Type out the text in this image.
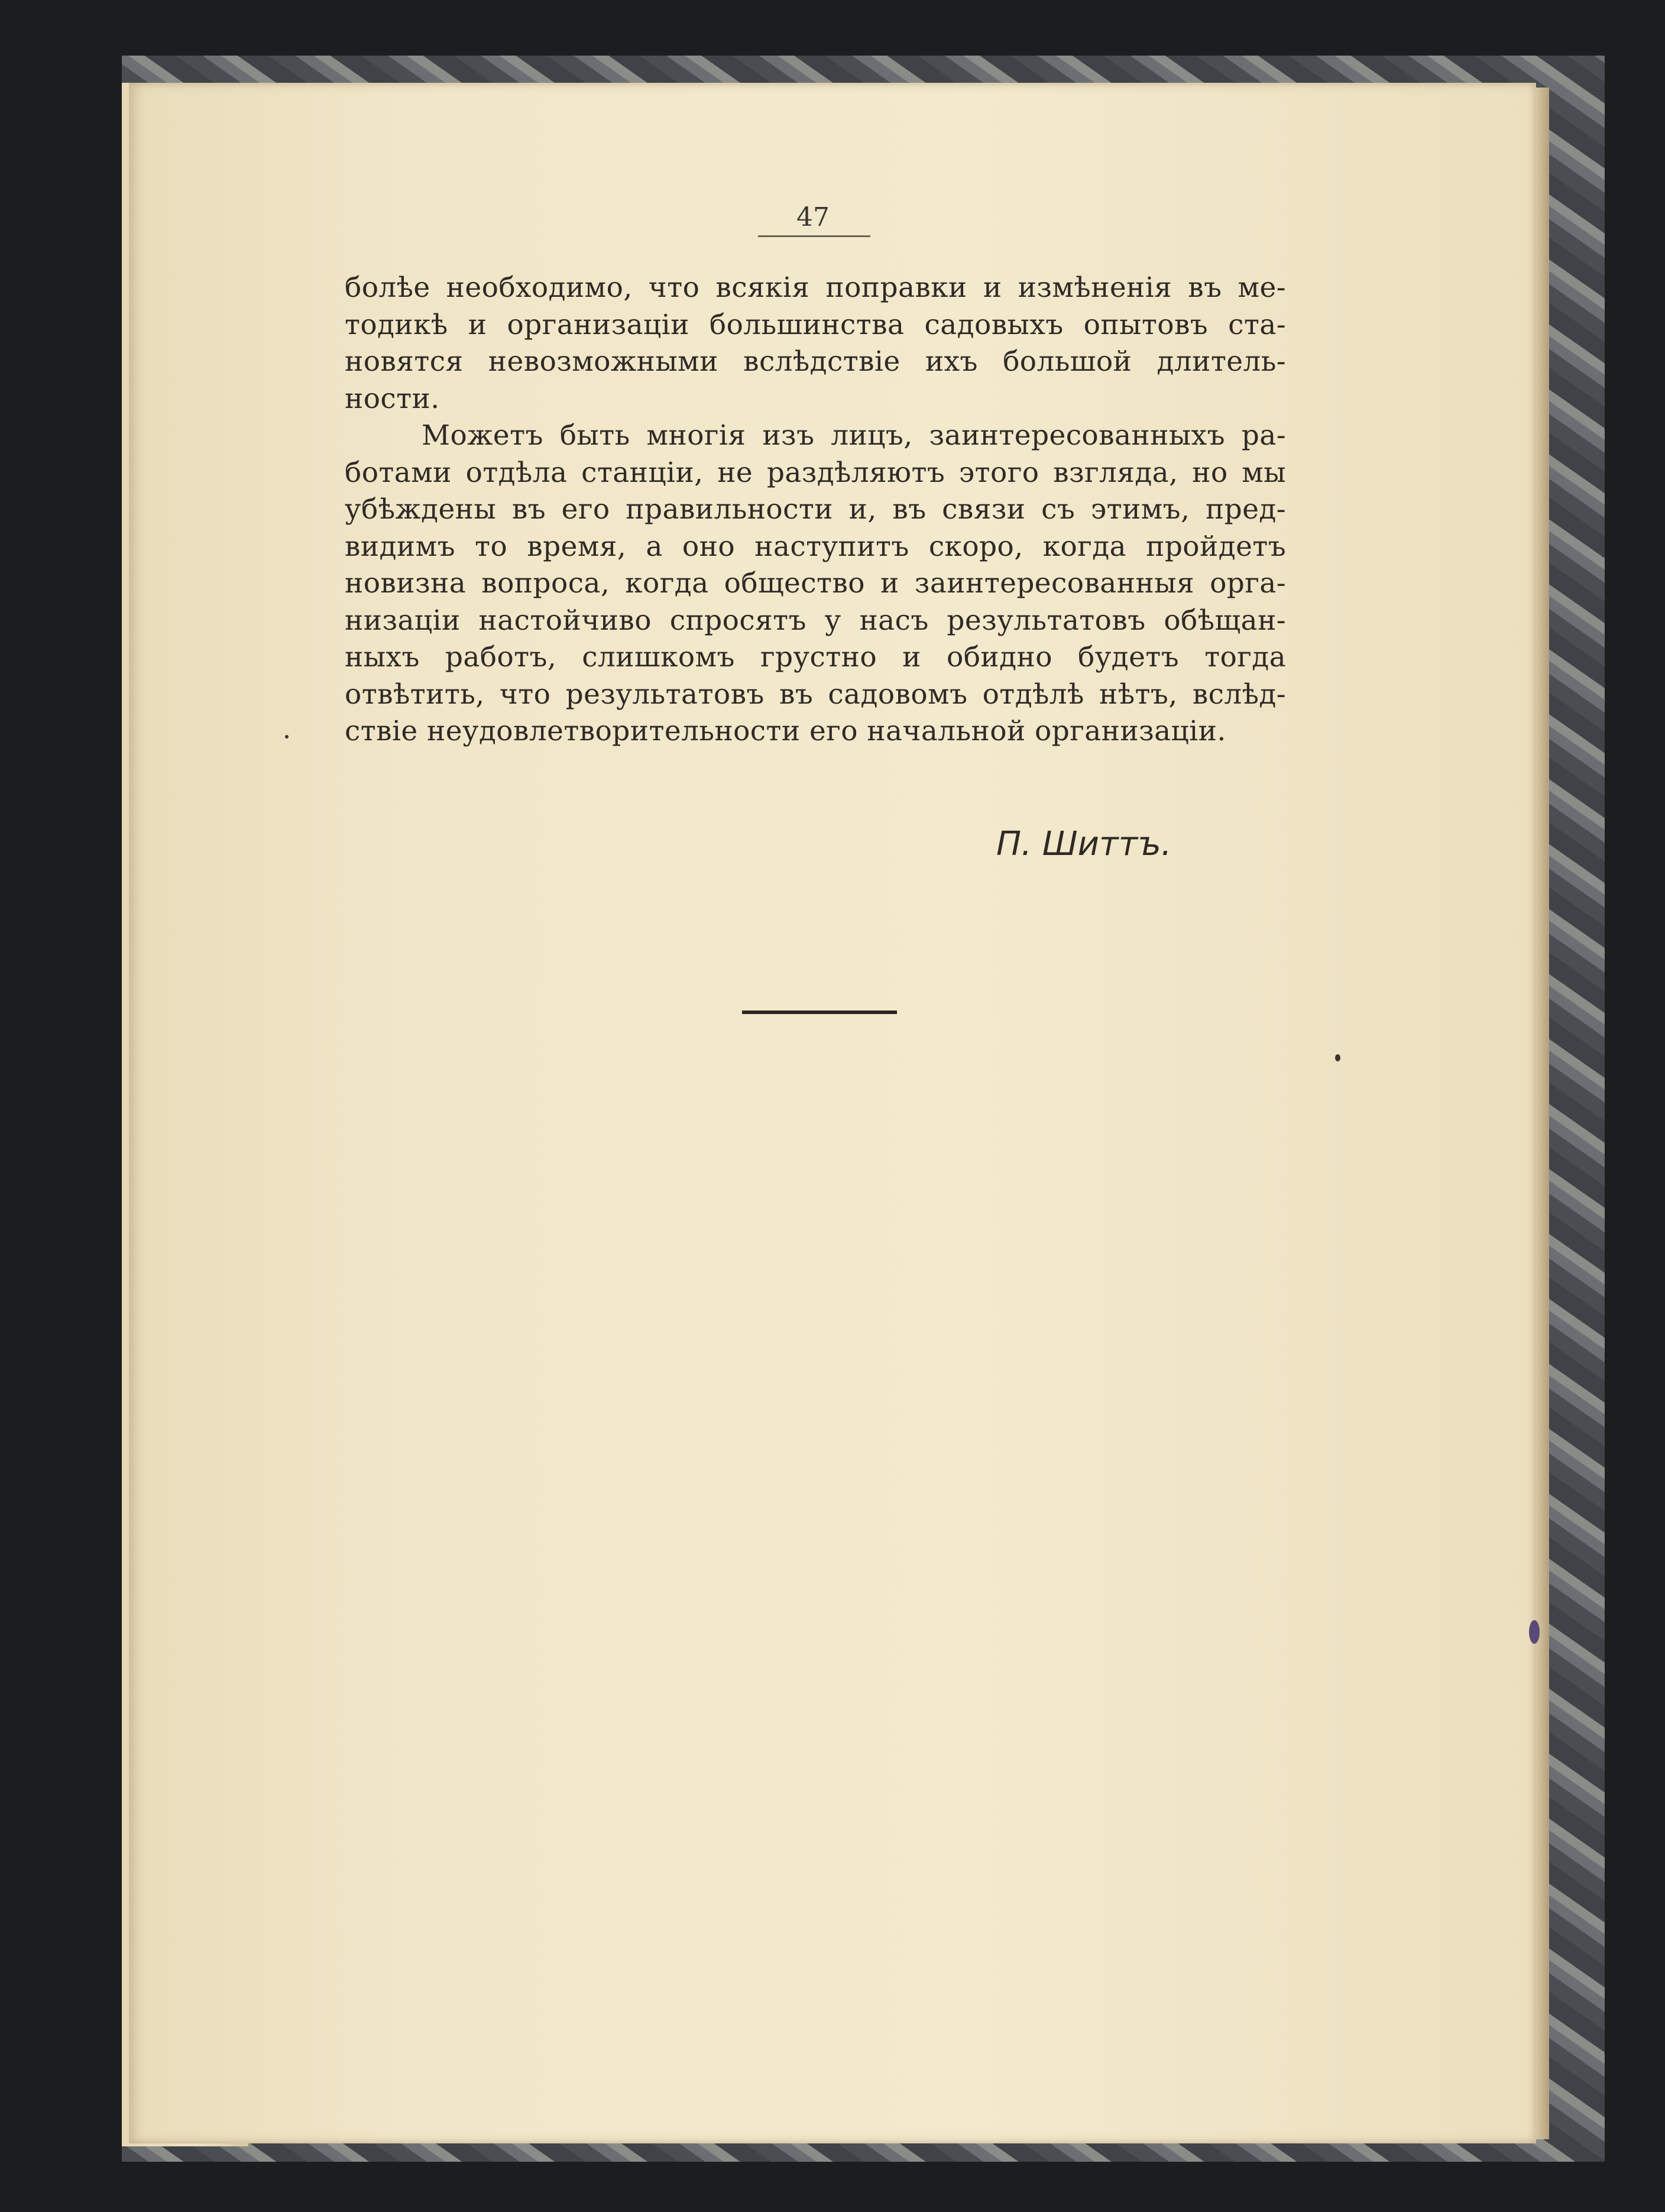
47
болѣе необходимо, что всякія поправки и измѣненія въ ме-
тодикѣ и организаціи большинства садовыхъ опытовъ ста-
новятся невозможными вслѣдствіе ихъ большой длитель-
ности.
Можетъ быть многія изъ лицъ, заинтересованныхъ ра-
ботами отдѣла станціи, не раздѣляютъ этого взгляда, но мы
убѣждены въ его правильности и, въ связи съ этимъ, пред-
видимъ то время, а оно наступитъ скоро, когда пройдетъ
новизна вопроса, когда общество и заинтересованныя орга-
низаціи настойчиво спросятъ у насъ результатовъ обѣщан-
ныхъ работъ, слишкомъ грустно и обидно будетъ тогда
отвѣтить, что результатовъ въ садовомъ отдѣлѣ нѣтъ, вслѣд-
ствіе неудовлетворительности его начальной организаціи.
П. Шиттъ.
